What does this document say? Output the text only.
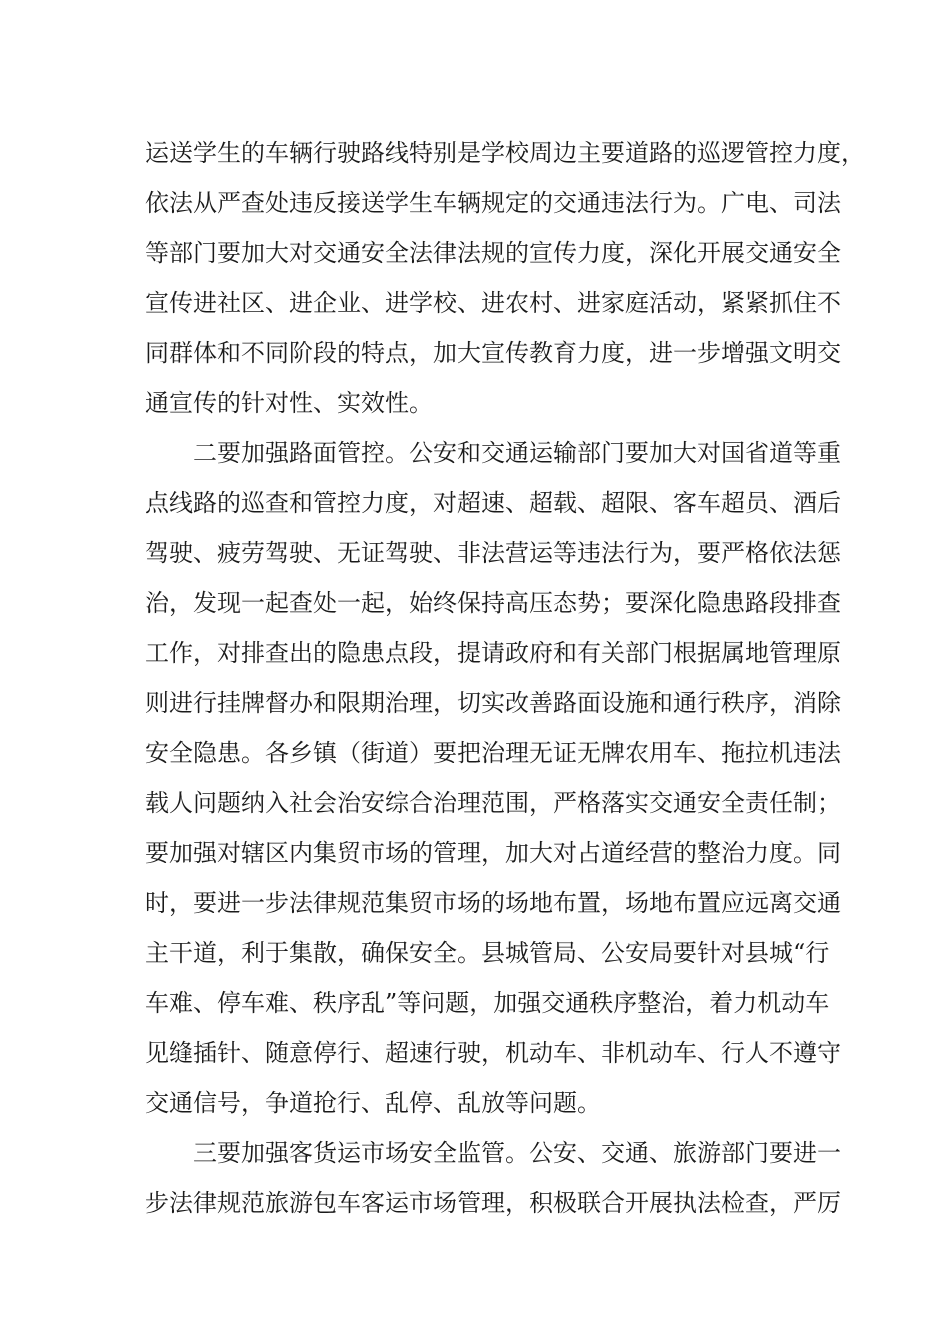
运送学生的车辆行驶路线特别是学校周边主要道路的巡逻管控力度，
依法从严查处违反接送学生车辆规定的交通违法行为。广电、司法
等部门要加大对交通安全法律法规的宣传力度，深化开展交通安全
宣传进社区、进企业、进学校、进农村、进家庭活动，紧紧抓住不
同群体和不同阶段的特点，加大宣传教育力度，进一步增强文明交
通宣传的针对性、实效性。
二要加强路面管控。公安和交通运输部门要加大对国省道等重
点线路的巡查和管控力度，对超速、超载、超限、客车超员、酒后
驾驶、疲劳驾驶、无证驾驶、非法营运等违法行为，要严格依法惩
治，发现一起查处一起，始终保持高压态势；要深化隐患路段排查
工作，对排查出的隐患点段，提请政府和有关部门根据属地管理原
则进行挂牌督办和限期治理，切实改善路面设施和通行秩序，消除
安全隐患。各乡镇（街道）要把治理无证无牌农用车、拖拉机违法
载人问题纳入社会治安综合治理范围，严格落实交通安全责任制；
要加强对辖区内集贸市场的管理，加大对占道经营的整治力度。同
时，要进一步法律规范集贸市场的场地布置，场地布置应远离交通
主干道，利于集散，确保安全。县城管局、公安局要针对县城“行
车难、停车难、秩序乱”等问题，加强交通秩序整治，着力机动车
见缝插针、随意停行、超速行驶，机动车、非机动车、行人不遵守
交通信号，争道抢行、乱停、乱放等问题。
三要加强客货运市场安全监管。公安、交通、旅游部门要进一
步法律规范旅游包车客运市场管理，积极联合开展执法检查，严厉
